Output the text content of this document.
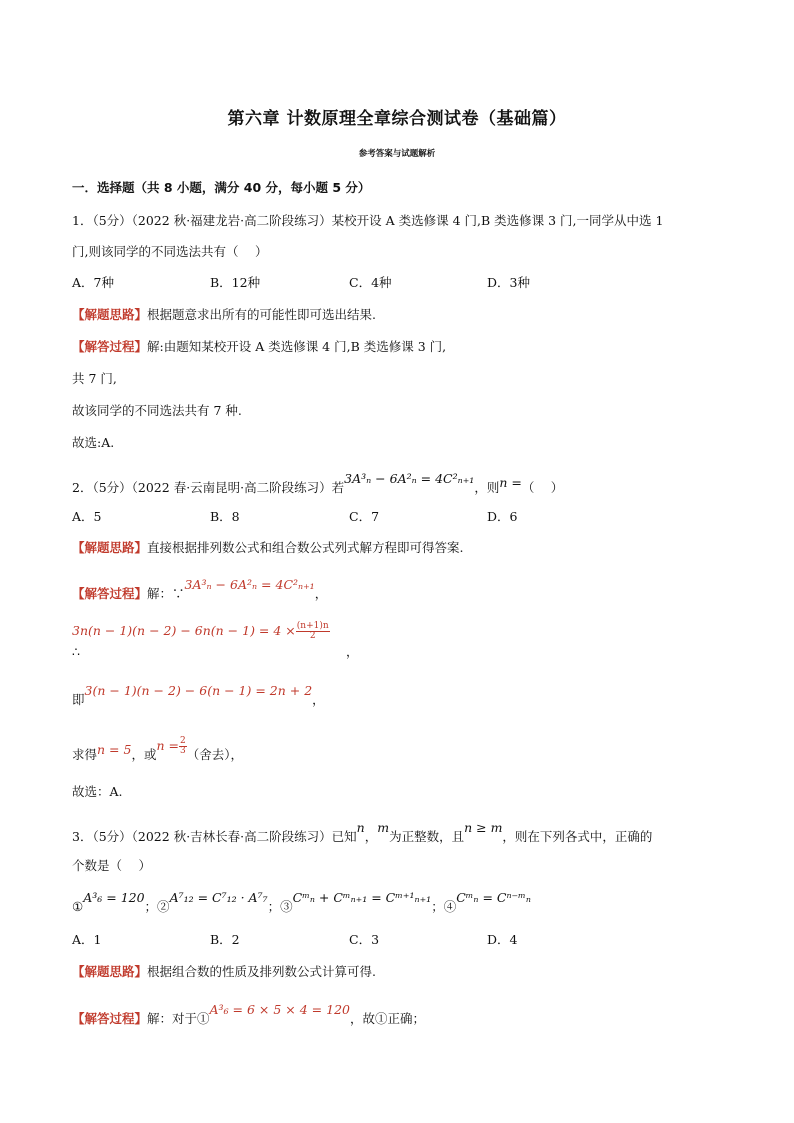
第六章 计数原理全章综合测试卷（基础篇）
参考答案与试题解析
一．选择题（共 8 小题，满分 40 分，每小题 5 分）
1．（5分）（2022 秋·福建龙岩·高二阶段练习）某校开设 A 类选修课 4 门,B 类选修课 3 门,一同学从中选 1
门,则该同学的不同选法共有（　 ）
A．7种	B．12种	C．4种	D．3种
【解题思路】根据题意求出所有的可能性即可选出结果.
【解答过程】解:由题知某校开设 A 类选修课 4 门,B 类选修课 3 门,
共 7 门,
故该同学的不同选法共有 7 种.
故选:A.
2．（5分）（2022 春·云南昆明·高二阶段练习）若3A³ₙ − 6A²ₙ = 4C²ₙ₊₁，则n =（　 ）
A．5	B．8	C．7	D．6
【解题思路】直接根据排列数公式和组合数公式列式解方程即可得答案.
【解答过程】解：∵3A³ₙ − 6A²ₙ = 4C²ₙ₊₁，
$3n(n - 1)(n - 2) - 6n(n - 1) = 4 \times \frac{(n+1)n}{2}$
∴	，
即3(n − 1)(n − 2) − 6(n − 1) = 2n + 2，
求得n = 5，或$n = \frac{2}{3}$ （舍去），
故选：A.
3．（5分）（2022 秋·吉林长春·高二阶段练习）已知n，m为正整数，且n ≥ m，则在下列各式中，正确的
个数是（　 ）
①A³₆ = 120；②A⁷₁₂ = C⁷₁₂ · A⁷₇；③Cᵐₙ + Cᵐₙ₊₁ = Cᵐ⁺¹ₙ₊₁；④Cᵐₙ = Cⁿ⁻ᵐₙ
A．1	B．2	C．3	D．4
【解题思路】根据组合数的性质及排列数公式计算可得.
【解答过程】解：对于①A³₆ = 6 × 5 × 4 = 120，故①正确；
